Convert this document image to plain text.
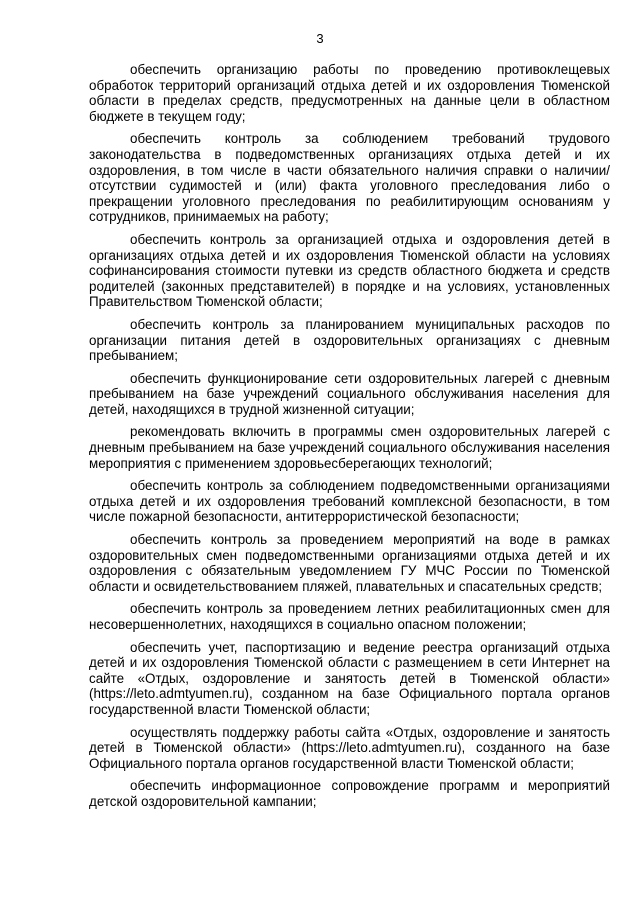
3

обеспечить организацию работы по проведению противоклещевых обработок территорий организаций отдыха детей и их оздоровления Тюменской области в пределах средств, предусмотренных на данные цели в областном бюджете в текущем году;

обеспечить контроль за соблюдением требований трудового законодательства в подведомственных организациях отдыха детей и их оздоровления, в том числе в части обязательного наличия справки о наличии/отсутствии судимостей и (или) факта уголовного преследования либо о прекращении уголовного преследования по реабилитирующим основаниям у сотрудников, принимаемых на работу;

обеспечить контроль за организацией отдыха и оздоровления детей в организациях отдыха детей и их оздоровления Тюменской области на условиях софинансирования стоимости путевки из средств областного бюджета и средств родителей (законных представителей) в порядке и на условиях, установленных Правительством Тюменской области;

обеспечить контроль за планированием муниципальных расходов по организации питания детей в оздоровительных организациях с дневным пребыванием;

обеспечить функционирование сети оздоровительных лагерей с дневным пребыванием на базе учреждений социального обслуживания населения для детей, находящихся в трудной жизненной ситуации;

рекомендовать включить в программы смен оздоровительных лагерей с дневным пребыванием на базе учреждений социального обслуживания населения мероприятия с применением здоровьесберегающих технологий;

обеспечить контроль за соблюдением подведомственными организациями отдыха детей и их оздоровления требований комплексной безопасности, в том числе пожарной безопасности, антитеррористической безопасности;

обеспечить контроль за проведением мероприятий на воде в рамках оздоровительных смен подведомственными организациями отдыха детей и их оздоровления с обязательным уведомлением ГУ МЧС России по Тюменской области и освидетельствованием пляжей, плавательных и спасательных средств;

обеспечить контроль за проведением летних реабилитационных смен для несовершеннолетних, находящихся в социально опасном положении;

обеспечить учет, паспортизацию и ведение реестра организаций отдыха детей и их оздоровления Тюменской области с размещением в сети Интернет на сайте «Отдых, оздоровление и занятость детей в Тюменской области» (https://leto.admtyumen.ru), созданном на базе Официального портала органов государственной власти Тюменской области;

осуществлять поддержку работы сайта «Отдых, оздоровление и занятость детей в Тюменской области» (https://leto.admtyumen.ru), созданного на базе Официального портала органов государственной власти Тюменской области;

обеспечить информационное сопровождение программ и мероприятий детской оздоровительной кампании;
